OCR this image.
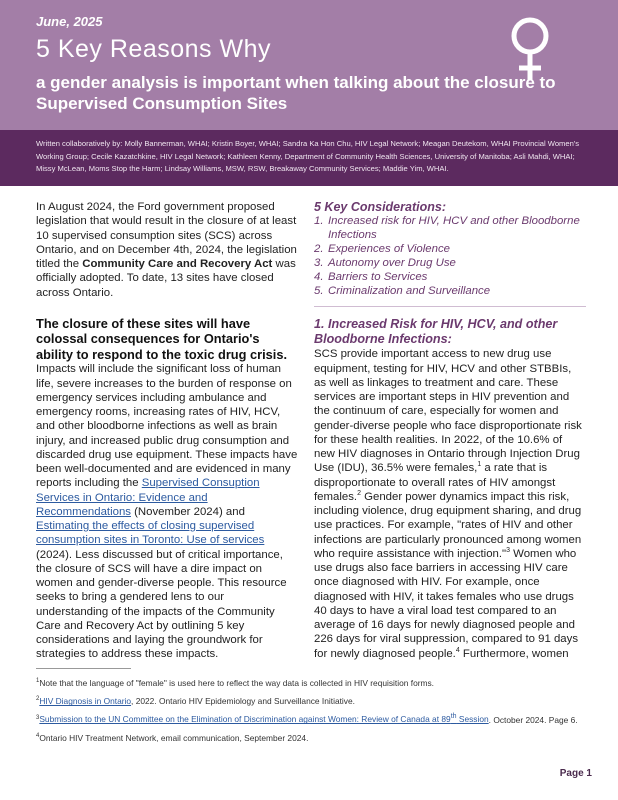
June, 2025
5 Key Reasons Why
a gender analysis is important when talking about the closure to Supervised Consumption Sites
Written collaboratively by: Molly Bannerman, WHAI; Kristin Boyer, WHAI; Sandra Ka Hon Chu, HIV Legal Network; Meagan Deutekom, WHAI Provincial Women's Working Group; Cecile Kazatchkine, HIV Legal Network; Kathleen Kenny, Department of Community Health Sciences, University of Manitoba; Asli Mahdi, WHAI; Missy McLean, Moms Stop the Harm; Lindsay Williams, MSW, RSW, Breakaway Community Services; Maddie Yim, WHAI.

In August 2024, the Ford government proposed legislation that would result in the closure of at least 10 supervised consumption sites (SCS) across Ontario, and on December 4th, 2024, the legislation titled the Community Care and Recovery Act was officially adopted. To date, 13 sites have closed across Ontario.

The closure of these sites will have colossal consequences for Ontario's ability to respond to the toxic drug crisis.

Impacts will include the significant loss of human life, severe increases to the burden of response on emergency services including ambulance and emergency rooms, increasing rates of HIV, HCV, and other bloodborne infections as well as brain injury, and increased public drug consumption and discarded drug use equipment. These impacts have been well-documented and are evidenced in many reports including the Supervised Consuption Services in Ontario: Evidence and Recommendations (November 2024) and Estimating the effects of closing supervised consumption sites in Toronto: Use of services (2024). Less discussed but of critical importance, the closure of SCS will have a dire impact on women and gender-diverse people. This resource seeks to bring a gendered lens to our understanding of the impacts of the Community Care and Recovery Act by outlining 5 key considerations and laying the groundwork for strategies to address these impacts.

5 Key Considerations:

1. Increased risk for HIV, HCV and other Bloodborne Infections
2. Experiences of Violence
3. Autonomy over Drug Use
4. Barriers to Services
5. Criminalization and Surveillance

1. Increased Risk for HIV, HCV, and other Bloodborne Infections:

SCS provide important access to new drug use equipment, testing for HIV, HCV and other STBBIs, as well as linkages to treatment and care. These services are important steps in HIV prevention and the continuum of care, especially for women and gender-diverse people who face disproportionate risk for these health realities. In 2022, of the 10.6% of new HIV diagnoses in Ontario through Injection Drug Use (IDU), 36.5% were females,$^1$ a rate that is disproportionate to overall rates of HIV amongst females.$^2$ Gender power dynamics impact this risk, including violence, drug equipment sharing, and drug use practices. For example, "rates of HIV and other infections are particularly pronounced among women who require assistance with injection."$^3$ Women who use drugs also face barriers in accessing HIV care once diagnosed with HIV. For example, once diagnosed with HIV, it takes females who use drugs 40 days to have a viral load test compared to an average of 16 days for newly diagnosed people and 226 days for viral suppression, compared to 91 days for newly diagnosed people.$^4$ Furthermore, women

$^1$Note that the language of "female" is used here to reflect the way data is collected in HIV requisition forms.
$^2$HIV Diagnosis in Ontario, 2022. Ontario HIV Epidemiology and Surveillance Initiative.
$^3$Submission to the UN Committee on the Elimination of Discrimination against Women: Review of Canada at 89th Session. October 2024. Page 6.
$^4$Ontario HIV Treatment Network, email communication, September 2024.
Page 1
